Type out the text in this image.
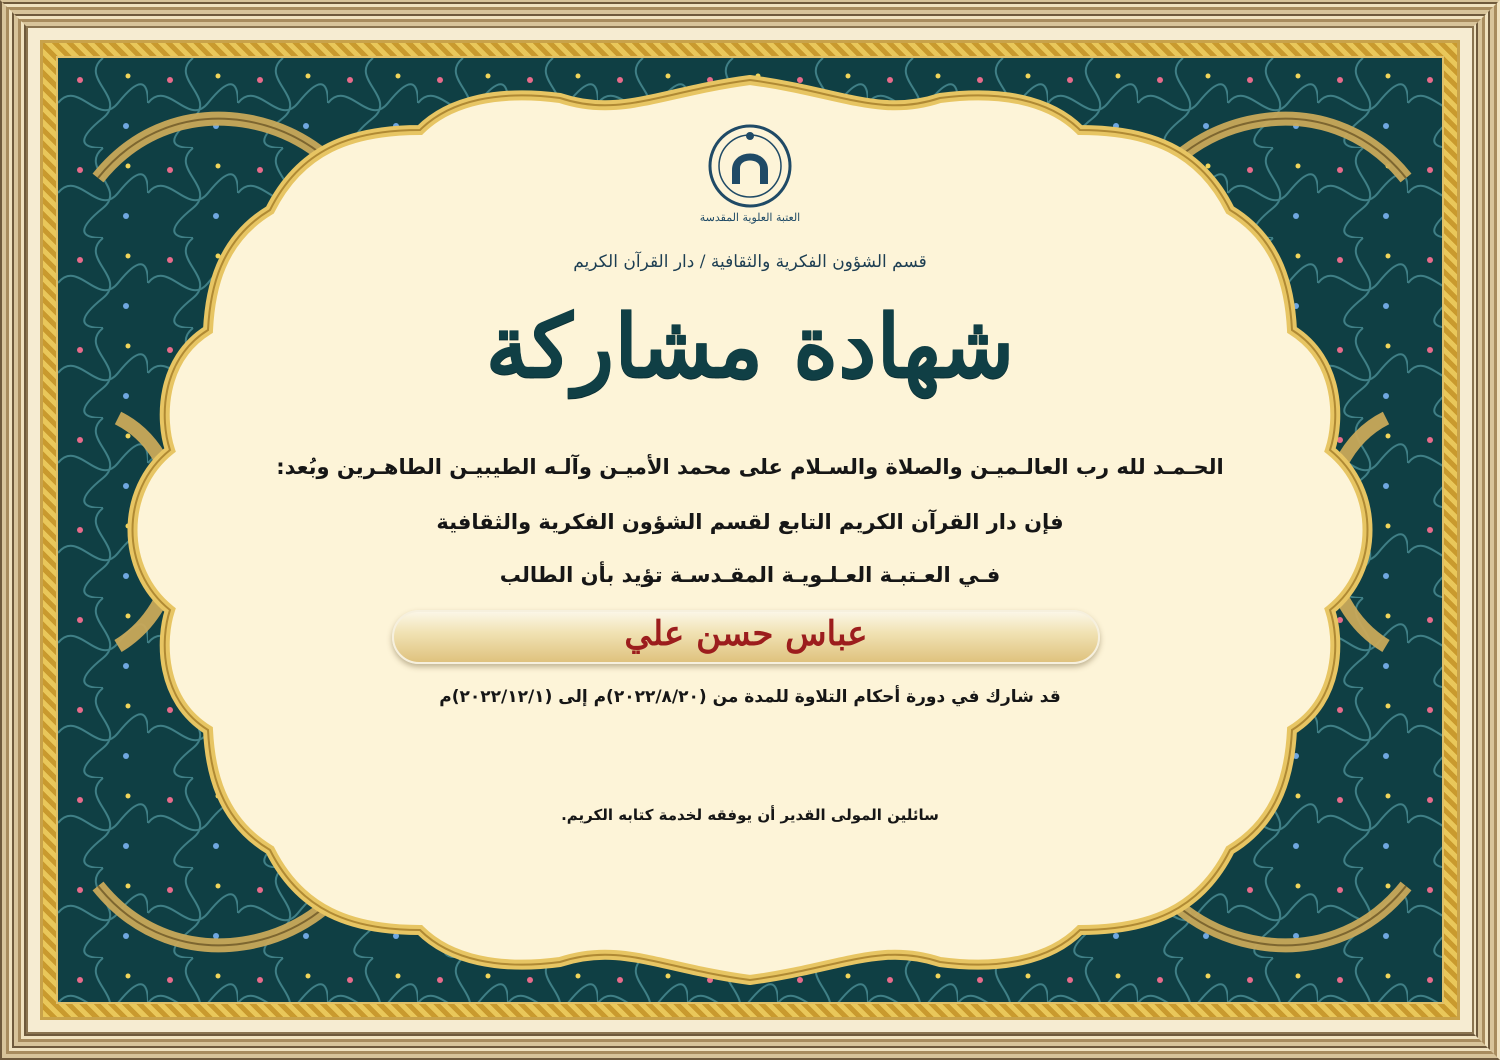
العتبة العلوية المقدسة
قسم الشؤون الفكرية والثقافية / دار القرآن الكريم
شهادة مشاركة
الحـمـد لله رب العالـميـن والصلاة والسـلام على محمد الأميـن وآلـه الطيبيـن الطاهـرين وبُعد:
فإن دار القرآن الكريم التابع لقسم الشؤون الفكرية والثقافية
فـي العـتبـة العـلـويـة المقـدسـة تؤيد بأن الطالب
عباس حسن علي
قد شارك في دورة أحكام التلاوة للمدة من (٢٠٢٢/٨/٢٠)م إلى (٢٠٢٢/١٢/١)م
سائلين المولى القدير أن يوفقه لخدمة كتابه الكريم.
